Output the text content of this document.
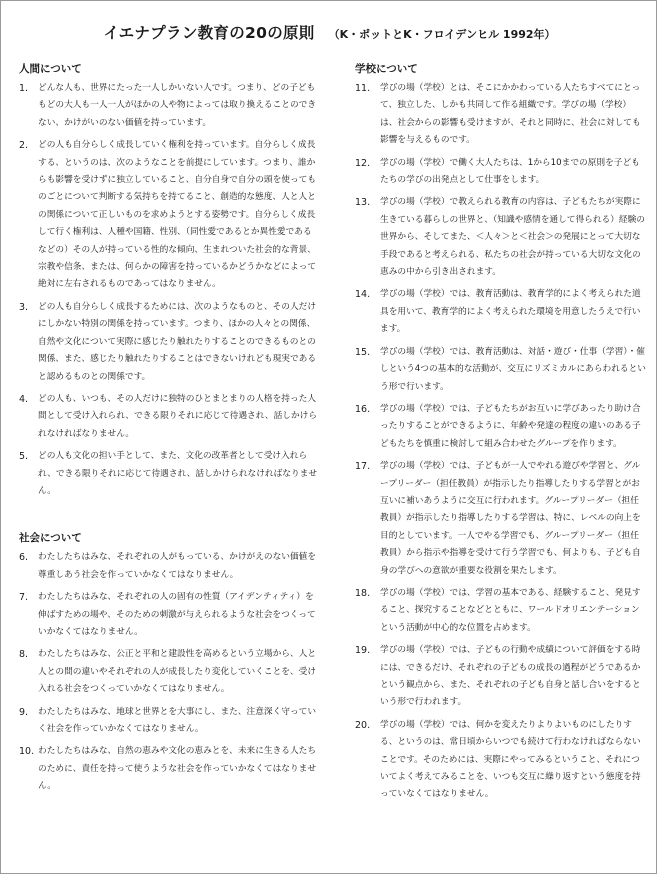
イエナプラン教育の20の原則 （K・ポットとK・フロイデンヒル 1992年）
人間について
1.	どんな人も、世界にたった一人しかいない人です。つまり、どの子どももどの大人も一人一人がほかの人や物によっては取り換えることのできない、かけがいのない価値を持っています。
2.	どの人も自分らしく成長していく権利を持っています。自分らしく成長する、というのは、次のようなことを前提にしています。つまり、誰からも影響を受けずに独立していること、自分自身で自分の頭を使ってものごとについて判断する気持ちを持てること、創造的な態度、人と人との関係について正しいものを求めようとする姿勢です。自分らしく成長して行く権利は、人種や国籍、性別、（同性愛であるとか異性愛であるなどの）その人が持っている性的な傾向、生まれついた社会的な背景、宗教や信条、または、何らかの障害を持っているかどうかなどによって絶対に左右されるものであってはなりません。
3.	どの人も自分らしく成長するためには、次のようなものと、その人だけにしかない特別の関係を持っています。つまり、ほかの人々との関係、自然や文化について実際に感じたり触れたりすることのできるものとの関係、また、感じたり触れたりすることはできないけれども現実であると認めるものとの関係です。
4.	どの人も、いつも、その人だけに独特のひとまとまりの人格を持った人間として受け入れられ、できる限りそれに応じて待遇され、話しかけられなければなりません。
5.	どの人も文化の担い手として、また、文化の改革者として受け入れられ、できる限りそれに応じて待遇され、話しかけられなければなりません。
社会について
6.	わたしたちはみな、それぞれの人がもっている、かけがえのない価値を尊重しあう社会を作っていかなくてはなりません。
7.	わたしたちはみな、それぞれの人の固有の性質（アイデンティティ）を伸ばすための場や、そのための刺激が与えられるような社会をつくっていかなくてはなりません。
8.	わたしたちはみな、公正と平和と建設性を高めるという立場から、人と人との間の違いやそれぞれの人が成長したり変化していくことを、受け入れる社会をつくっていかなくてはなりません。
9.	わたしたちはみな、地球と世界とを大事にし、また、注意深く守っていく社会を作っていかなくてはなりません。
10. わたしたちはみな、自然の恵みや文化の恵みとを、未来に生きる人たちのために、責任を持って使うような社会を作っていかなくてはなりません。
学校について
11.	学びの場（学校）とは、そこにかかわっている人たちすべてにとって、独立した、しかも共同して作る組織です。学びの場（学校）は、社会からの影響も受けますが、それと同時に、社会に対しても影響を与えるものです。
12.	学びの場（学校）で働く大人たちは、1から10までの原則を子どもたちの学びの出発点として仕事をします。
13.	学びの場（学校）で教えられる教育の内容は、子どもたちが実際に生きている暮らしの世界と、（知識や感情を通して得られる）経験の世界から、そしてまた、＜人々＞と＜社会＞の発展にとって大切な手段であると考えられる、私たちの社会が持っている大切な文化の恵みの中から引き出されます。
14.	学びの場（学校）では、教育活動は、教育学的によく考えられた道具を用いて、教育学的によく考えられた環境を用意したうえで行います。
15.	学びの場（学校）では、教育活動は、対話・遊び・仕事（学習）・催しという4つの基本的な活動が、交互にリズミカルにあらわれるという形で行います。
16.	学びの場（学校）では、子どもたちがお互いに学びあったり助け合ったりすることができるように、年齢や発達の程度の違いのある子どもたちを慎重に検討して組み合わせたグループを作ります。
17.	学びの場（学校）では、子どもが一人でやれる遊びや学習と、グループリーダー（担任教員）が指示したり指導したりする学習とがお互いに補いあうように交互に行われます。グループリーダー（担任教員）が指示したり指導したりする学習は、特に、レベルの向上を目的としています。一人でやる学習でも、グループリーダー（担任教員）から指示や指導を受けて行う学習でも、何よりも、子ども自身の学びへの意欲が重要な役割を果たします。
18.	学びの場（学校）では、学習の基本である、経験すること、発見すること、探究することなどとともに、ワールドオリエンテーションという活動が中心的な位置を占めます。
19.	学びの場（学校）では、子どもの行動や成績について評価をする時には、できるだけ、それぞれの子どもの成長の過程がどうであるかという観点から、また、それぞれの子ども自身と話し合いをするという形で行われます。
20.	学びの場（学校）では、何かを変えたりよりよいものにしたりする、というのは、常日頃からいつでも続けて行わなければならないことです。そのためには、実際にやってみるということ、それについてよく考えてみることを、いつも交互に繰り返すという態度を持っていなくてはなりません。
